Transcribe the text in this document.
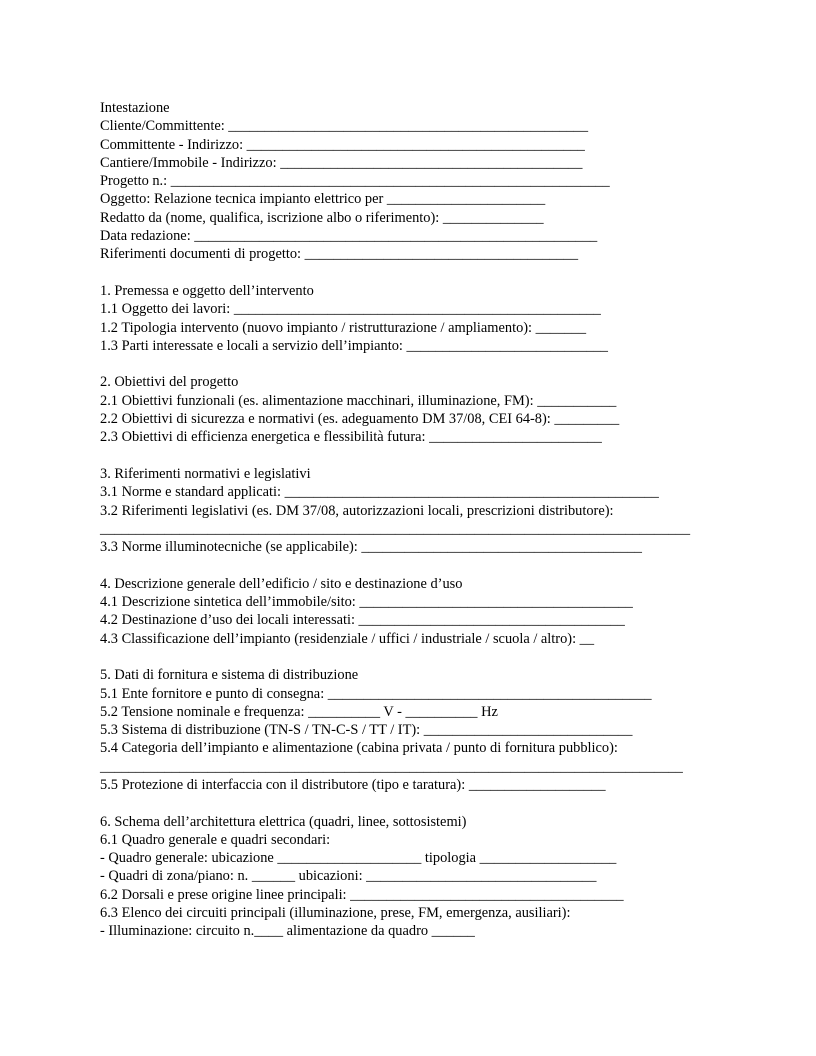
Intestazione
Cliente/Committente: __________________________________________________
Committente - Indirizzo: _______________________________________________
Cantiere/Immobile - Indirizzo: __________________________________________
Progetto n.: _____________________________________________________________
Oggetto: Relazione tecnica impianto elettrico per ______________________
Redatto da (nome, qualifica, iscrizione albo o riferimento): ______________
Data redazione: ________________________________________________________
Riferimenti documenti di progetto: ______________________________________
1. Premessa e oggetto dell’intervento
1.1 Oggetto dei lavori: ___________________________________________________
1.2 Tipologia intervento (nuovo impianto / ristrutturazione / ampliamento): _______
1.3 Parti interessate e locali a servizio dell’impianto: ____________________________
2. Obiettivi del progetto
2.1 Obiettivi funzionali (es. alimentazione macchinari, illuminazione, FM): ___________
2.2 Obiettivi di sicurezza e normativi (es. adeguamento DM 37/08, CEI 64-8): _________
2.3 Obiettivi di efficienza energetica e flessibilità futura: ________________________
3. Riferimenti normativi e legislativi
3.1 Norme e standard applicati: ____________________________________________________
3.2 Riferimenti legislativi (es. DM 37/08, autorizzazioni locali, prescrizioni distributore):
__________________________________________________________________________________
3.3 Norme illuminotecniche (se applicabile): _______________________________________
4. Descrizione generale dell’edificio / sito e destinazione d’uso
4.1 Descrizione sintetica dell’immobile/sito: ______________________________________
4.2 Destinazione d’uso dei locali interessati: _____________________________________
4.3 Classificazione dell’impianto (residenziale / uffici / industriale / scuola / altro): __
5. Dati di fornitura e sistema di distribuzione
5.1 Ente fornitore e punto di consegna: _____________________________________________
5.2 Tensione nominale e frequenza: __________ V - __________ Hz
5.3 Sistema di distribuzione (TN-S / TN-C-S / TT / IT): _____________________________
5.4 Categoria dell’impianto e alimentazione (cabina privata / punto di fornitura pubblico):
_________________________________________________________________________________
5.5 Protezione di interfaccia con il distributore (tipo e taratura): ___________________
6. Schema dell’architettura elettrica (quadri, linee, sottosistemi)
6.1 Quadro generale e quadri secondari:
- Quadro generale: ubicazione ____________________ tipologia ___________________
- Quadri di zona/piano: n. ______ ubicazioni: ________________________________
6.2 Dorsali e prese origine linee principali: ______________________________________
6.3 Elenco dei circuiti principali (illuminazione, prese, FM, emergenza, ausiliari):
- Illuminazione: circuito n.____ alimentazione da quadro ______
